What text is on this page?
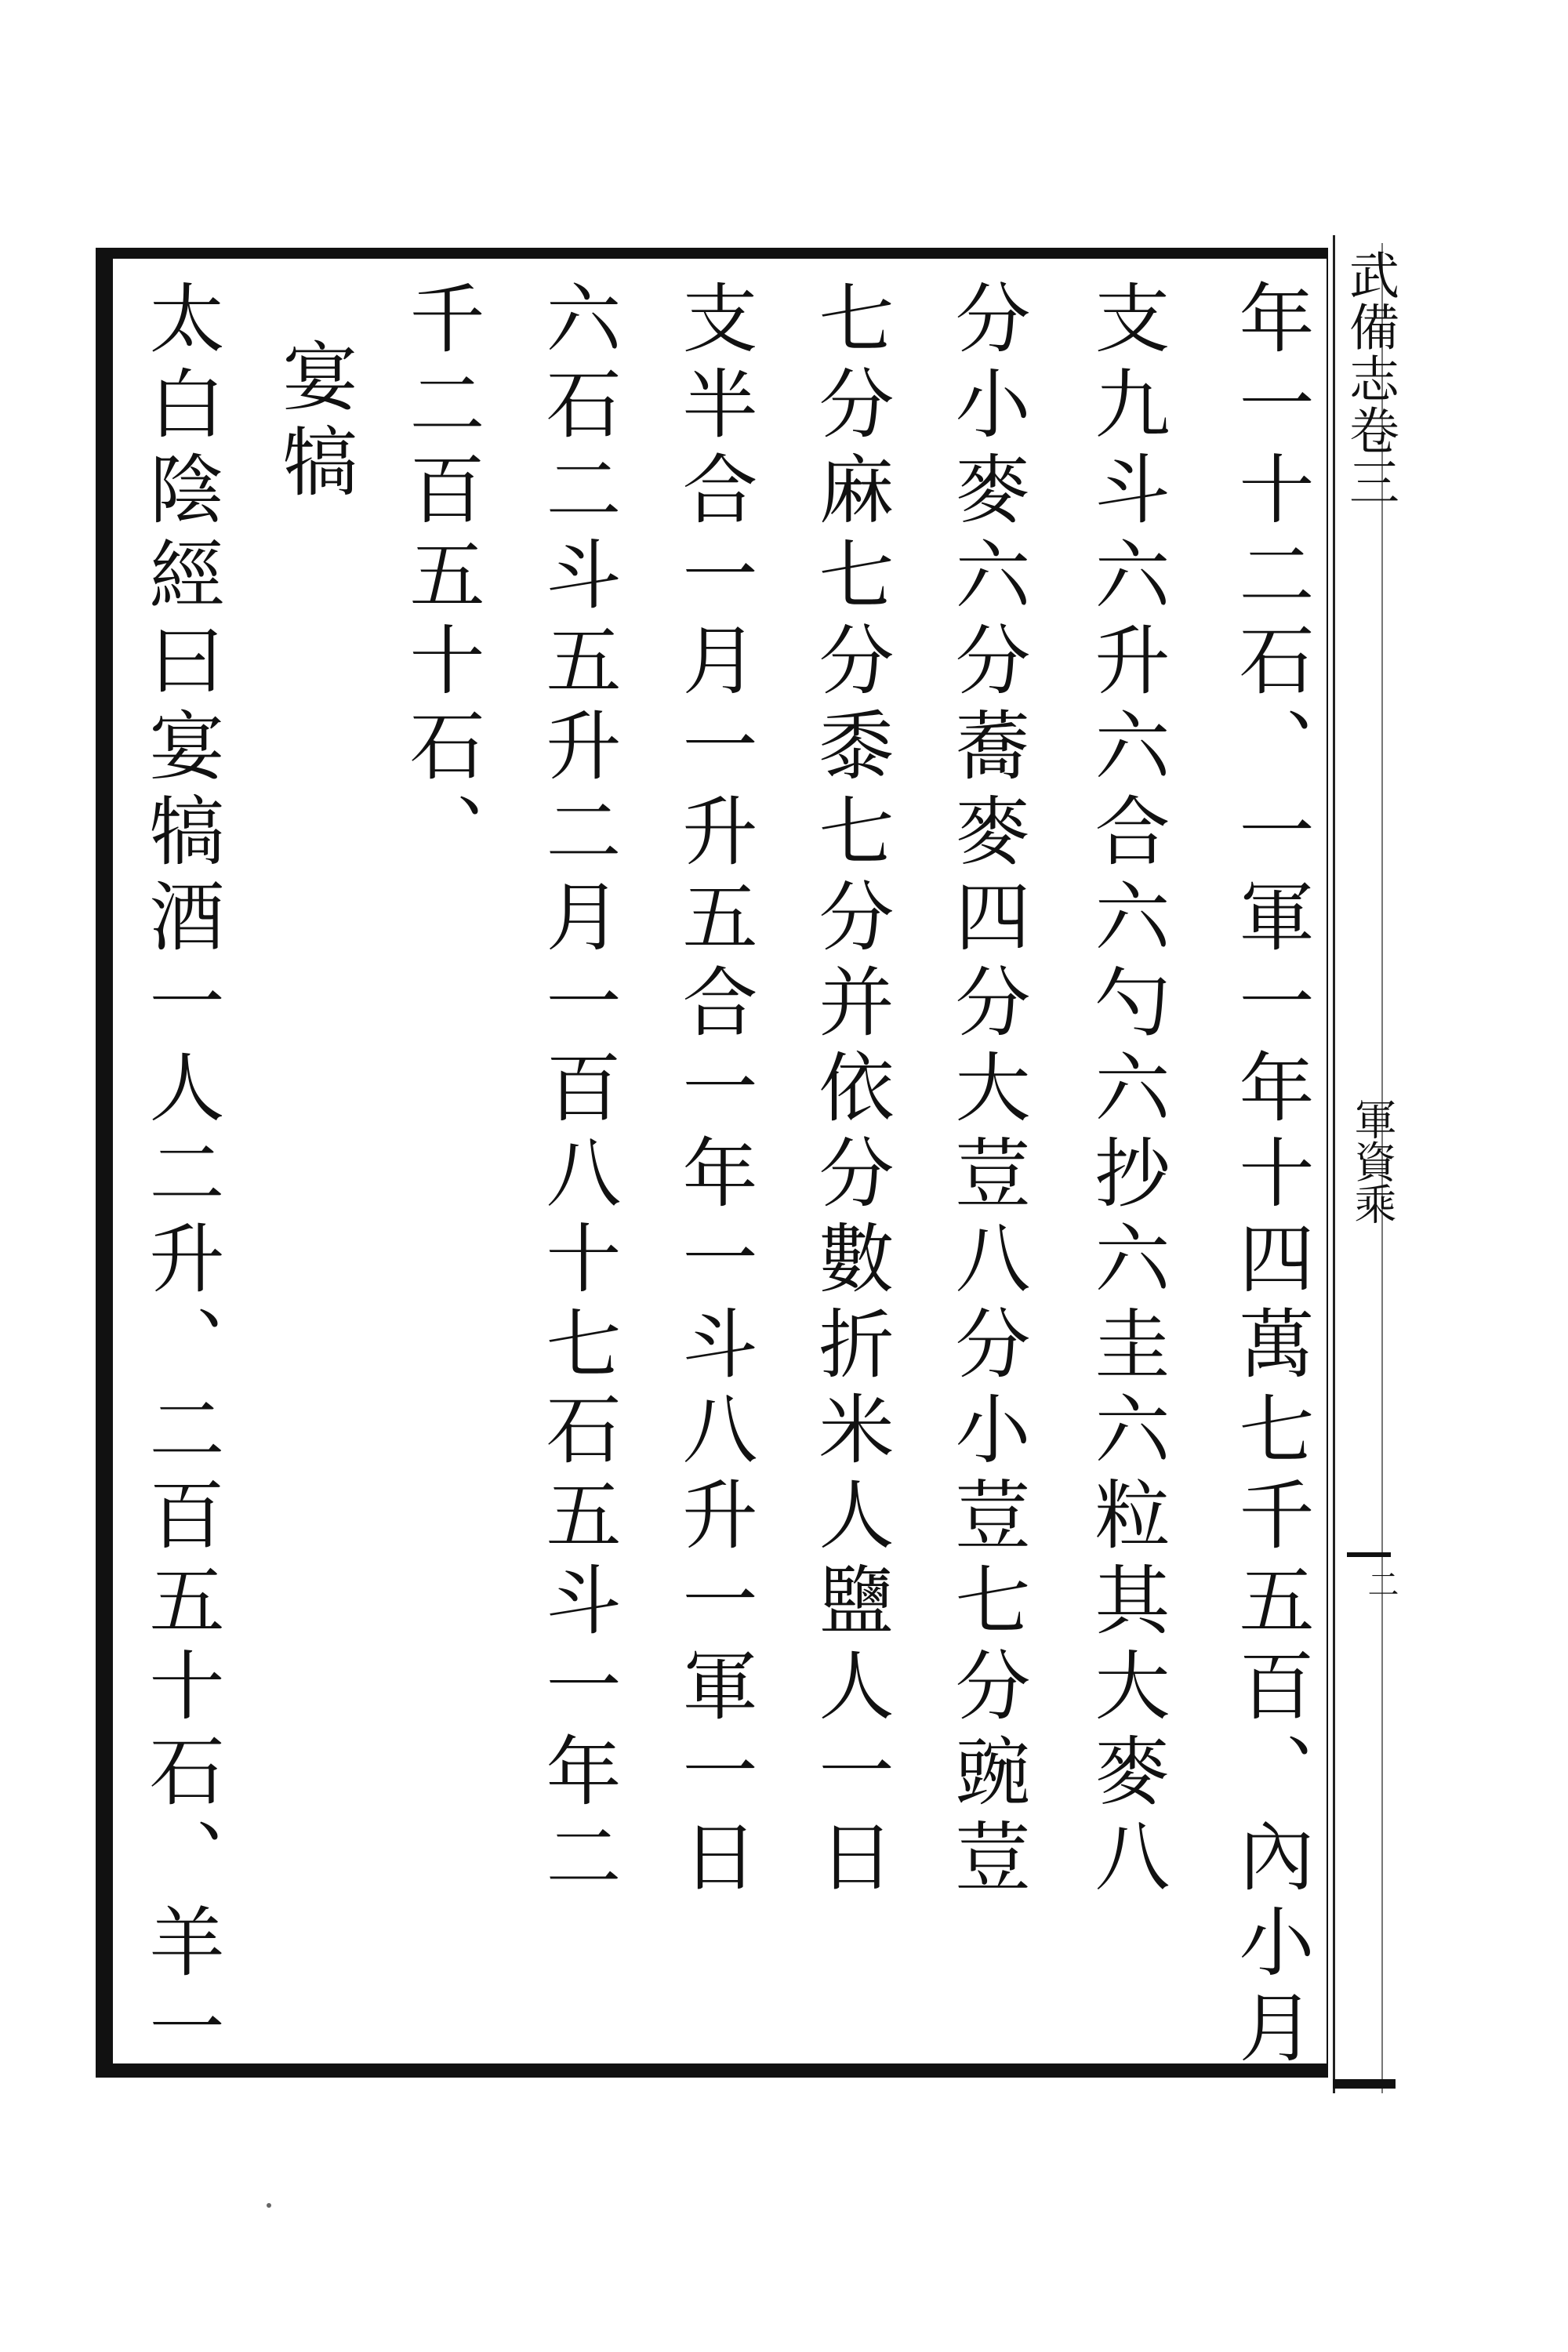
武備志卷三
軍資乘
二
年一十二石、一軍一年十四萬七千五百、內小月
支九斗六升六合六勺六抄六圭六粒其大麥八
分小麥六分蕎麥四分大荳八分小荳七分豌荳
七分麻七分黍七分并依分數折米人鹽人一日
支半合一月一升五合一年一斗八升一軍一日
六石二斗五升二月一百八十七石五斗一年二
千二百五十石、
宴犒
太白陰經曰宴犒酒一人二升、二百五十石、羊一
